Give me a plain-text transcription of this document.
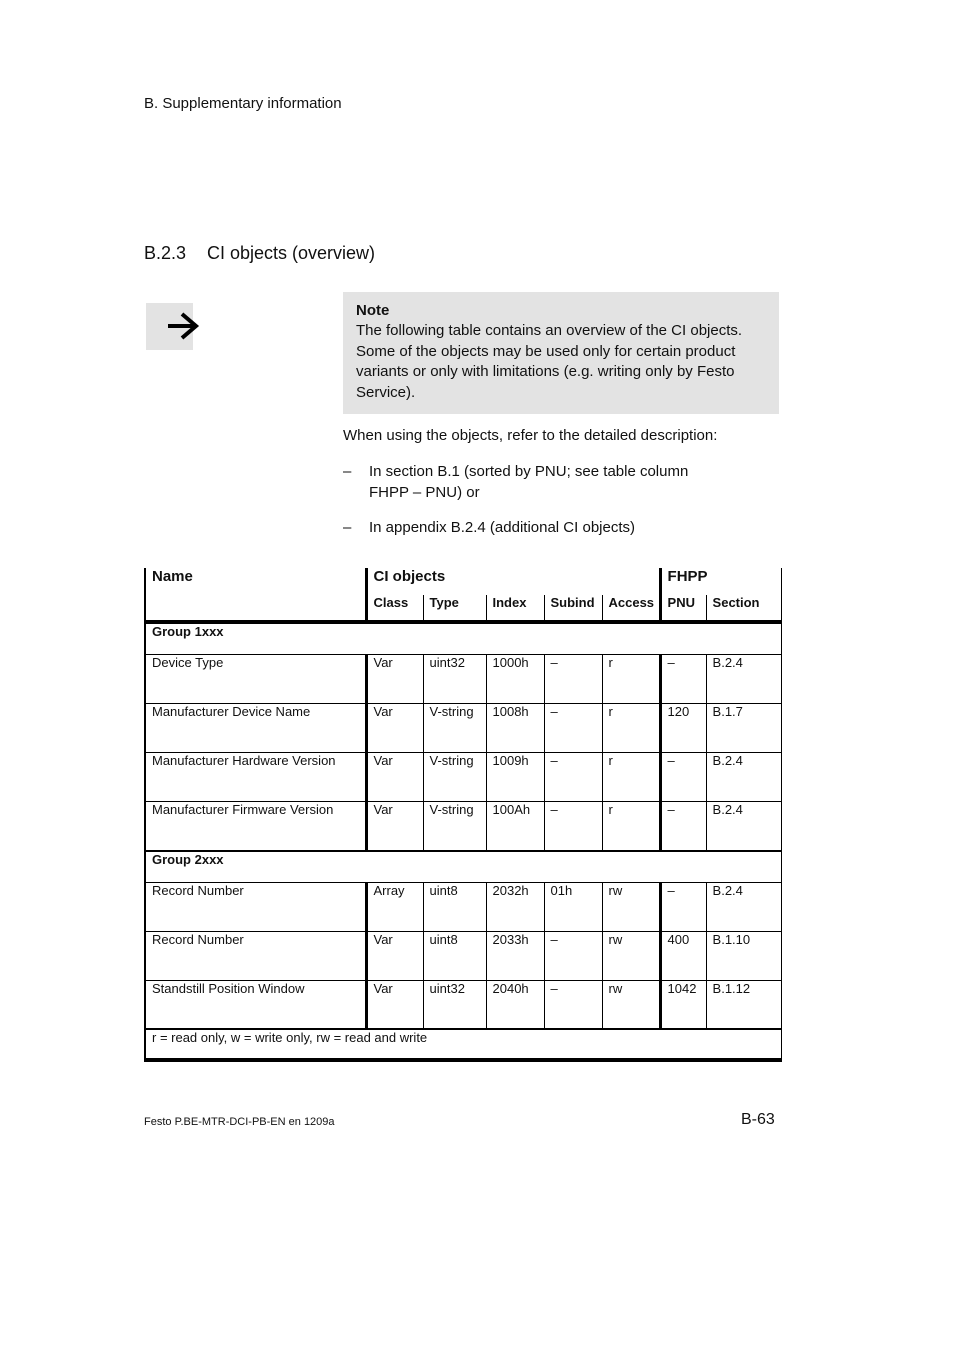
B. Supplementary information
B.2.3 CI objects (overview)
Note
The following table contains an overview of the CI objects.
Some of the objects may be used only for certain product
variants or only with limitations (e.g. writing only by Festo
Service).
When using the objects, refer to the detailed description:
– In section B.1 (sorted by PNU; see table column
FHPP – PNU) or
– In appendix B.2.4 (additional CI objects)
Name	CI objects					FHPP	
	Class	Type	Index	Subind	Access	PNU	Section
Group 1xxx							
Device Type	Var	uint32	1000h	–	r	–	B.2.4
Manufacturer Device Name	Var	V-string	1008h	–	r	120	B.1.7
Manufacturer Hardware Version	Var	V-string	1009h	–	r	–	B.2.4
Manufacturer Firmware Version	Var	V-string	100Ah	–	r	–	B.2.4
Group 2xxx							
Record Number	Array	uint8	2032h	01h	rw	–	B.2.4
Record Number	Var	uint8	2033h	–	rw	400	B.1.10
Standstill Position Window	Var	uint32	2040h	–	rw	1042	B.1.12
r = read only, w = write only, rw = read and write							
Festo P.BE-MTR-DCI-PB-EN en 1209a	B-63
